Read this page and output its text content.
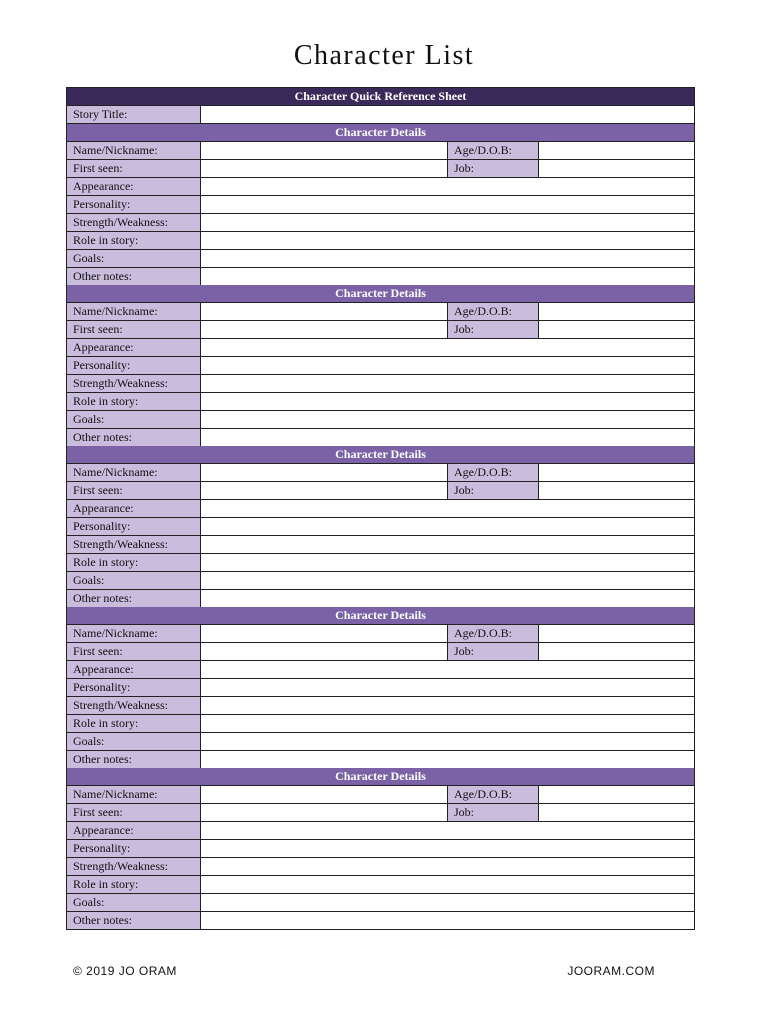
Character List
Character Quick Reference Sheet
Story Title:
Character Details
Name/Nickname:	Age/D.O.B:
First seen:	Job:
Appearance:
Personality:
Strength/Weakness:
Role in story:
Goals:
Other notes:
Character Details
Name/Nickname:	Age/D.O.B:
First seen:	Job:
Appearance:
Personality:
Strength/Weakness:
Role in story:
Goals:
Other notes:
Character Details
Name/Nickname:	Age/D.O.B:
First seen:	Job:
Appearance:
Personality:
Strength/Weakness:
Role in story:
Goals:
Other notes:
Character Details
Name/Nickname:	Age/D.O.B:
First seen:	Job:
Appearance:
Personality:
Strength/Weakness:
Role in story:
Goals:
Other notes:
Character Details
Name/Nickname:	Age/D.O.B:
First seen:	Job:
Appearance:
Personality:
Strength/Weakness:
Role in story:
Goals:
Other notes:
© 2019 JO ORAM	JOORAM.COM
